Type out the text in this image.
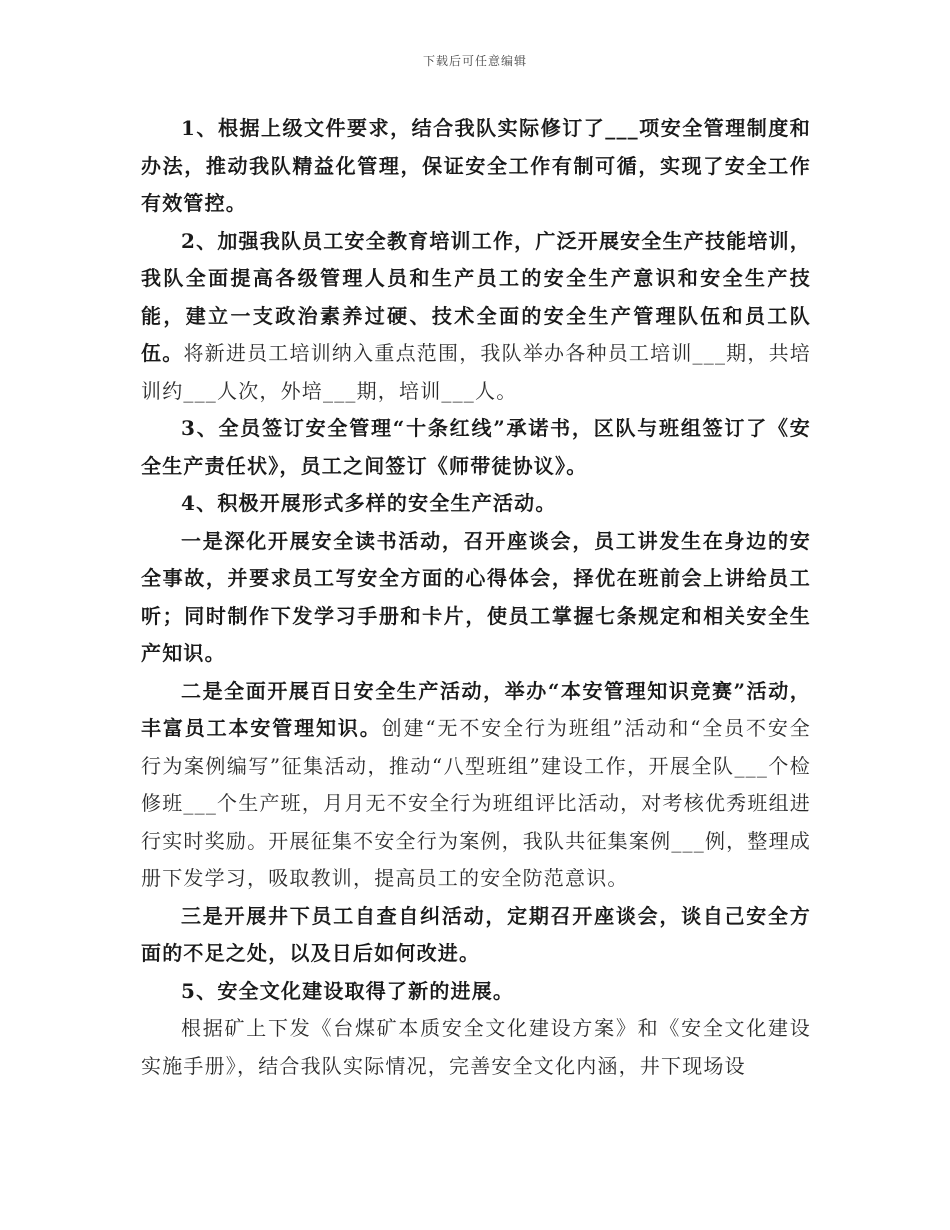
下载后可任意编辑

1、根据上级文件要求，结合我队实际修订了___项安全管理制度和办法，推动我队精益化管理，保证安全工作有制可循，实现了安全工作有效管控。

2、加强我队员工安全教育培训工作，广泛开展安全生产技能培训，我队全面提高各级管理人员和生产员工的安全生产意识和安全生产技能，建立一支政治素养过硬、技术全面的安全生产管理队伍和员工队伍。将新进员工培训纳入重点范围，我队举办各种员工培训___期，共培训约___人次，外培___期，培训___人。

3、全员签订安全管理“十条红线”承诺书，区队与班组签订了《安全生产责任状》，员工之间签订《师带徒协议》。

4、积极开展形式多样的安全生产活动。

一是深化开展安全读书活动，召开座谈会，员工讲发生在身边的安全事故，并要求员工写安全方面的心得体会，择优在班前会上讲给员工听；同时制作下发学习手册和卡片，使员工掌握七条规定和相关安全生产知识。

二是全面开展百日安全生产活动，举办“本安管理知识竞赛”活动，丰富员工本安管理知识。创建“无不安全行为班组”活动和“全员不安全行为案例编写”征集活动，推动“八型班组”建设工作，开展全队___个检修班___个生产班，月月无不安全行为班组评比活动，对考核优秀班组进行实时奖励。开展征集不安全行为案例，我队共征集案例___例，整理成册下发学习，吸取教训，提高员工的安全防范意识。

三是开展井下员工自查自纠活动，定期召开座谈会，谈自己安全方面的不足之处，以及日后如何改进。

5、安全文化建设取得了新的进展。

根据矿上下发《台煤矿本质安全文化建设方案》和《安全文化建设实施手册》，结合我队实际情况，完善安全文化内涵，井下现场设
